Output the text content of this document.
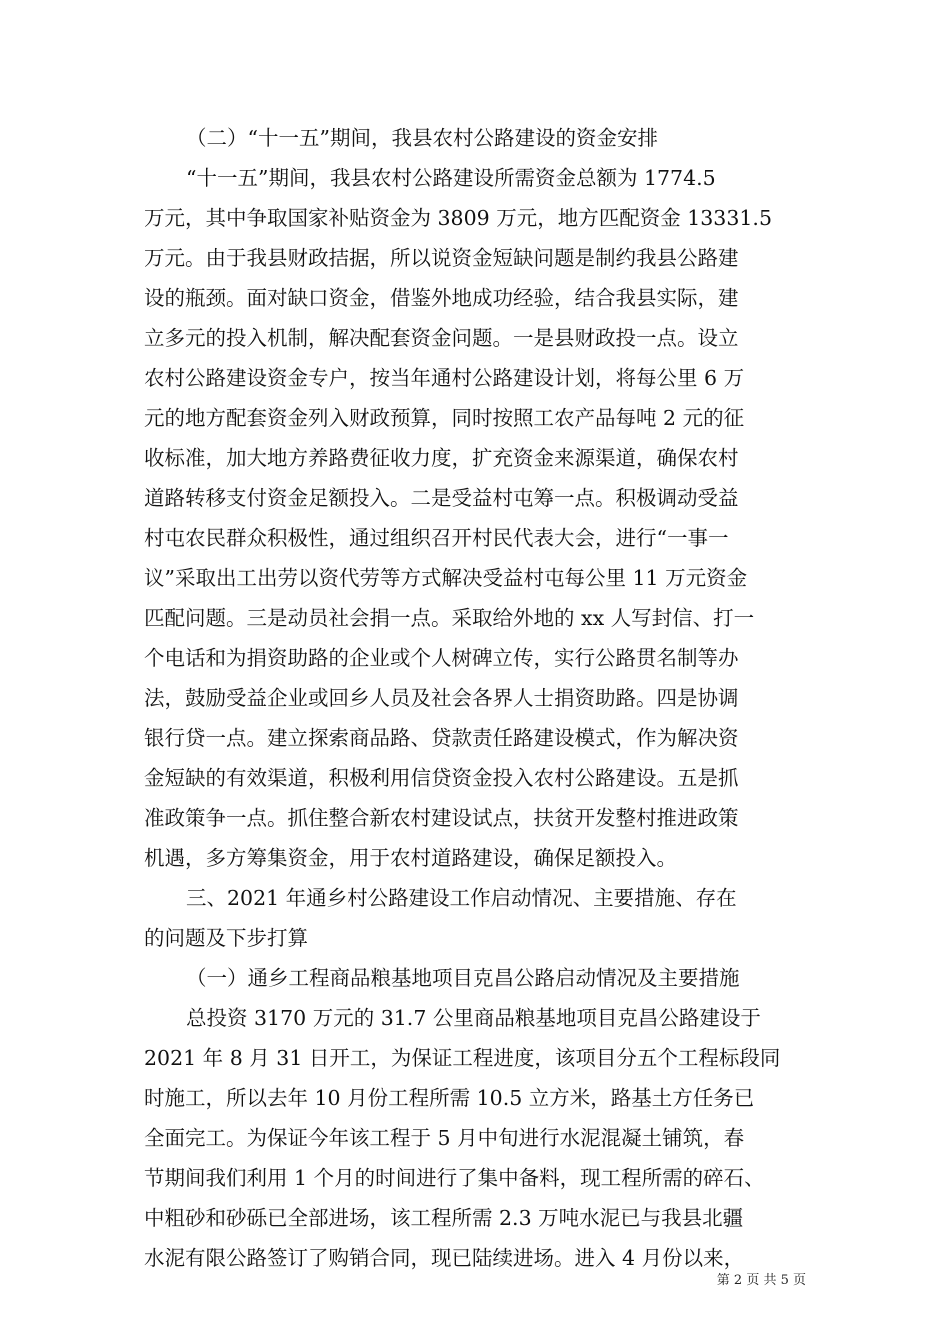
（二）“十一五”期间，我县农村公路建设的资金安排
“十一五”期间，我县农村公路建设所需资金总额为 1774.5
万元，其中争取国家补贴资金为 3809 万元，地方匹配资金 13331.5
万元。由于我县财政拮据，所以说资金短缺问题是制约我县公路建
设的瓶颈。面对缺口资金，借鉴外地成功经验，结合我县实际，建
立多元的投入机制，解决配套资金问题。一是县财政投一点。设立
农村公路建设资金专户，按当年通村公路建设计划，将每公里 6 万
元的地方配套资金列入财政预算，同时按照工农产品每吨 2 元的征
收标准，加大地方养路费征收力度，扩充资金来源渠道，确保农村
道路转移支付资金足额投入。二是受益村屯筹一点。积极调动受益
村屯农民群众积极性，通过组织召开村民代表大会，进行“一事一
议”采取出工出劳以资代劳等方式解决受益村屯每公里 11 万元资金
匹配问题。三是动员社会捐一点。采取给外地的 xx 人写封信、打一
个电话和为捐资助路的企业或个人树碑立传，实行公路贯名制等办
法，鼓励受益企业或回乡人员及社会各界人士捐资助路。四是协调
银行贷一点。建立探索商品路、贷款责任路建设模式，作为解决资
金短缺的有效渠道，积极利用信贷资金投入农村公路建设。五是抓
准政策争一点。抓住整合新农村建设试点，扶贫开发整村推进政策
机遇，多方筹集资金，用于农村道路建设，确保足额投入。
三、2021 年通乡村公路建设工作启动情况、主要措施、存在
的问题及下步打算
（一）通乡工程商品粮基地项目克昌公路启动情况及主要措施
总投资 3170 万元的 31.7 公里商品粮基地项目克昌公路建设于
2021 年 8 月 31 日开工，为保证工程进度，该项目分五个工程标段同
时施工，所以去年 10 月份工程所需 10.5 立方米，路基土方任务已
全面完工。为保证今年该工程于 5 月中旬进行水泥混凝土铺筑，春
节期间我们利用 1 个月的时间进行了集中备料，现工程所需的碎石、
中粗砂和砂砾已全部进场，该工程所需 2.3 万吨水泥已与我县北疆
水泥有限公路签订了购销合同，现已陆续进场。进入 4 月份以来，
第 2 页 共 5 页
